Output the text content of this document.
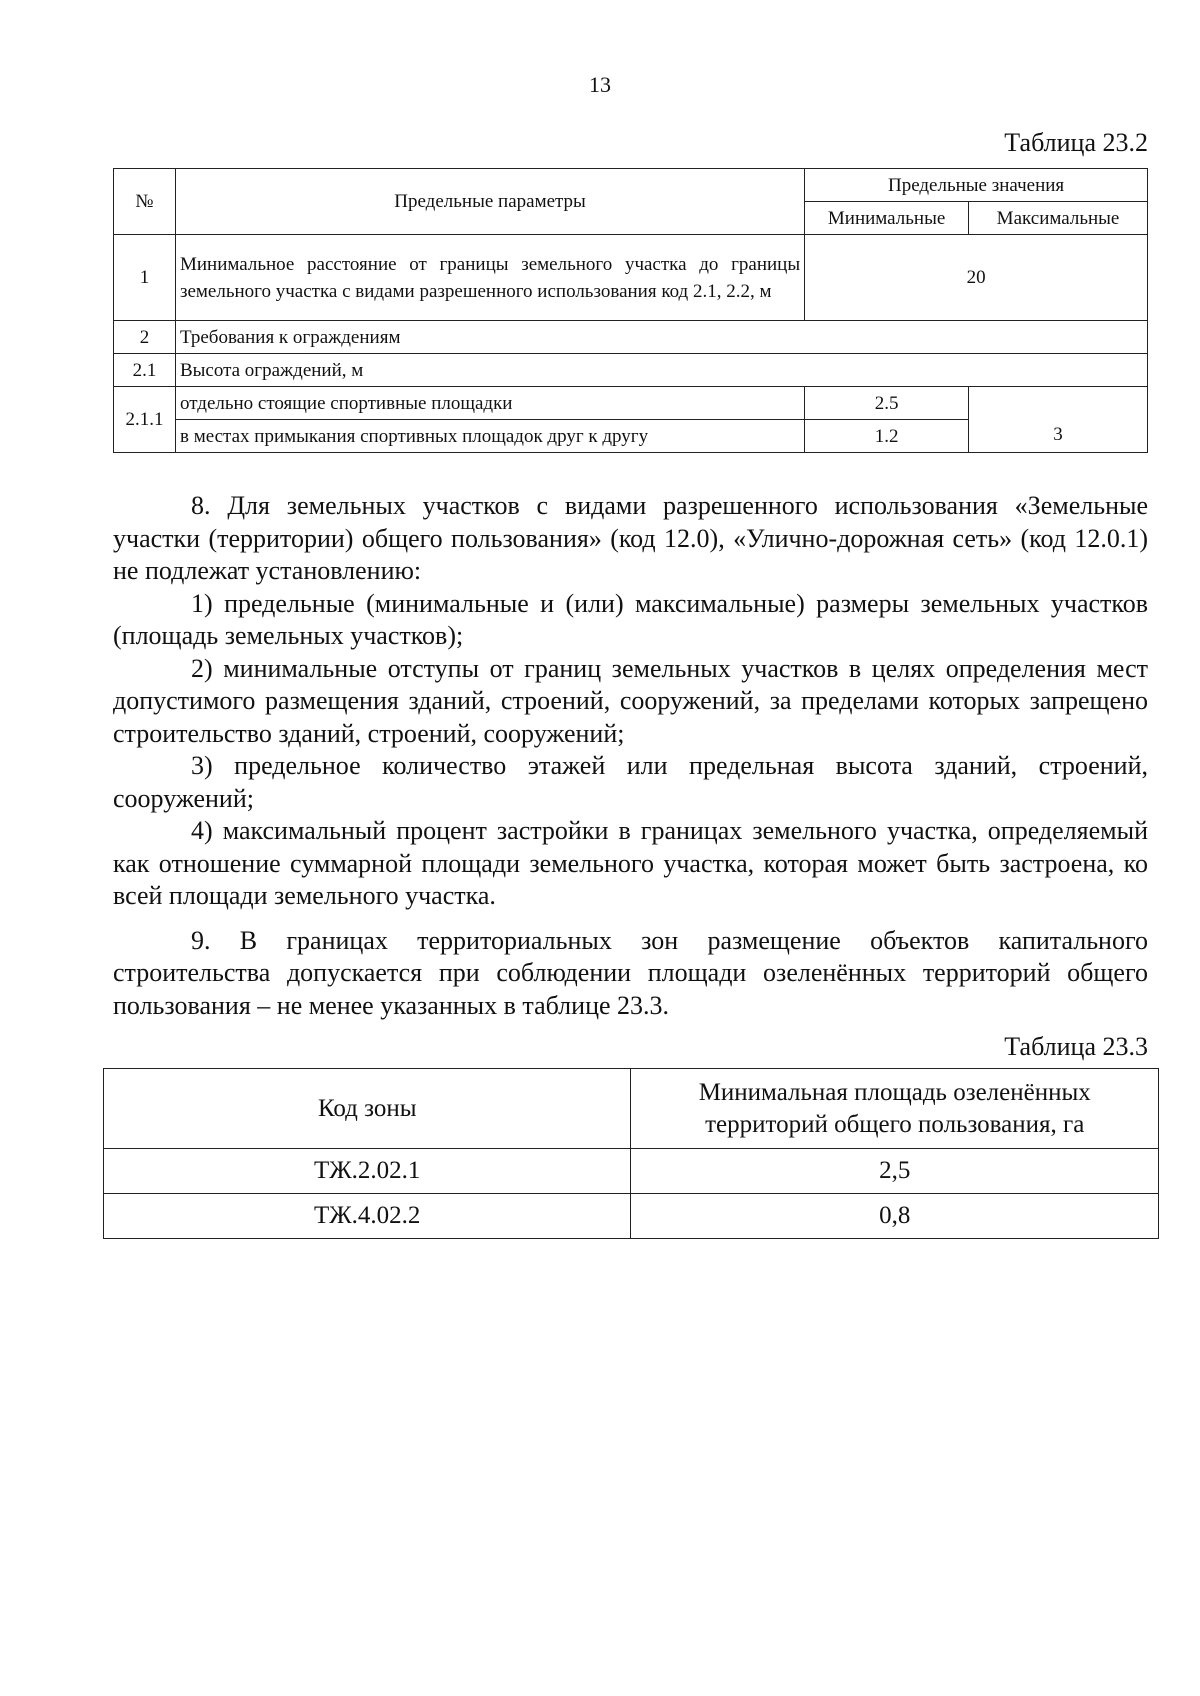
13
Таблица 23.2
№	Предельные параметры	Предельные значения	
		Минимальные	Максимальные
1	Минимальное расстояние от границы земельного участка до границы земельного участка с видами разрешенного использования код 2.1, 2.2, м	20	
2	Требования к ограждениям		
2.1	Высота ограждений, м		
2.1.1	отдельно стоящие спортивные площадки	2.5	3
	в местах примыкания спортивных площадок друг к другу	1.2	

8. Для земельных участков с видами разрешенного использования «Земельные участки (территории) общего пользования» (код 12.0), «Улично-дорожная сеть» (код 12.0.1) не подлежат установлению:

1) предельные (минимальные и (или) максимальные) размеры земельных участков (площадь земельных участков);

2) минимальные отступы от границ земельных участков в целях определения мест допустимого размещения зданий, строений, сооружений, за пределами которых запрещено строительство зданий, строений, сооружений;

3) предельное количество этажей или предельная высота зданий, строений, сооружений;

4) максимальный процент застройки в границах земельного участка, определяемый как отношение суммарной площади земельного участка, которая может быть застроена, ко всей площади земельного участка.

9. В границах территориальных зон размещение объектов капитального строительства допускается при соблюдении площади озеленённых территорий общего пользования – не менее указанных в таблице 23.3.

Таблица 23.3
Код зоны	Минимальная площадь озеленённых территорий общего пользования, га
ТЖ.2.02.1	2,5
ТЖ.4.02.2	0,8
